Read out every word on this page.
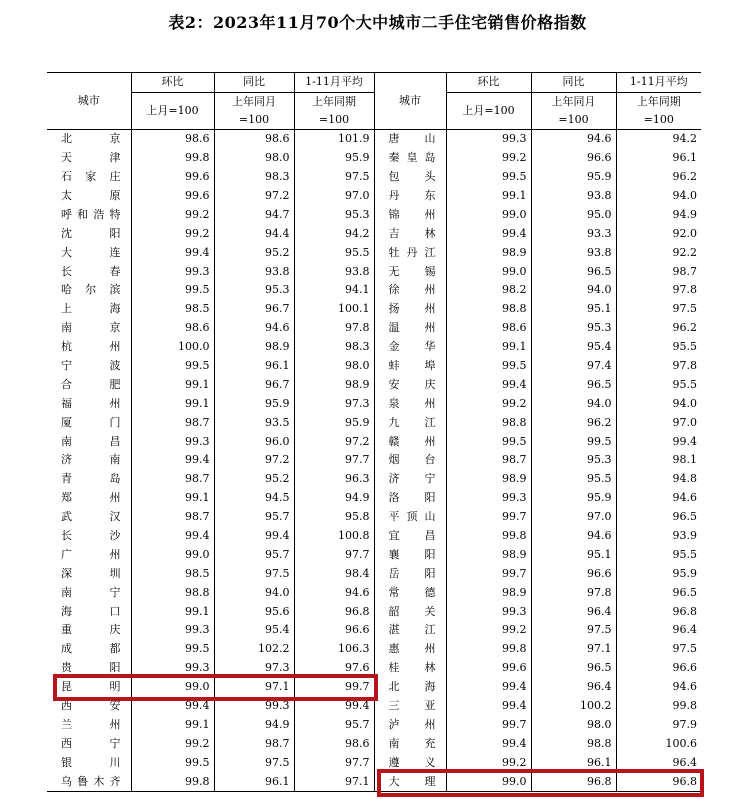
表2：2023年11月70个大中城市二手住宅销售价格指数
城市	环比	同比	1-11月平均	城市	环比	同比	1-11月平均
	上月=100	上年同月
=100	上年同期
=100		上月=100	上年同月
=100	上年同期
=100
北京	98.6	98.6	101.9	唐山	99.3	94.6	94.2
天津	99.8	98.0	95.9	秦皇岛	99.2	96.6	96.1
石家庄	99.6	98.3	97.5	包头	99.5	95.9	96.2
太原	99.6	97.2	97.0	丹东	99.1	93.8	94.0
呼和浩特	99.2	94.7	95.3	锦州	99.0	95.0	94.9
沈阳	99.2	94.4	94.2	吉林	99.4	93.3	92.0
大连	99.4	95.2	95.5	牡丹江	98.9	93.8	92.2
长春	99.3	93.8	93.8	无锡	99.0	96.5	98.7
哈尔滨	99.5	95.3	94.1	徐州	98.2	94.0	97.8
上海	98.5	96.7	100.1	扬州	98.8	95.1	97.5
南京	98.6	94.6	97.8	温州	98.6	95.3	96.2
杭州	100.0	98.9	98.3	金华	99.1	95.4	95.5
宁波	99.5	96.1	98.0	蚌埠	99.5	97.4	97.8
合肥	99.1	96.7	98.9	安庆	99.4	96.5	95.5
福州	99.1	95.9	97.3	泉州	99.2	94.0	94.0
厦门	98.7	93.5	95.9	九江	98.8	96.2	97.0
南昌	99.3	96.0	97.2	赣州	99.5	99.5	99.4
济南	99.4	97.2	97.7	烟台	98.7	95.3	98.1
青岛	98.7	95.2	96.3	济宁	98.9	95.5	94.8
郑州	99.1	94.5	94.9	洛阳	99.3	95.9	94.6
武汉	98.7	95.7	95.8	平顶山	99.7	97.0	96.5
长沙	99.4	99.4	100.8	宜昌	99.8	94.6	93.9
广州	99.0	95.7	97.7	襄阳	98.9	95.1	95.5
深圳	98.5	97.5	98.4	岳阳	99.7	96.6	95.9
南宁	98.8	94.0	94.6	常德	98.9	97.8	96.5
海口	99.1	95.6	96.8	韶关	99.3	96.4	96.8
重庆	99.3	95.4	96.6	湛江	99.2	97.5	96.4
成都	99.5	102.2	106.3	惠州	99.8	97.1	97.5
贵阳	99.3	97.3	97.6	桂林	99.6	96.5	96.6
昆明	99.0	97.1	99.7	北海	99.4	96.4	94.6
西安	99.4	99.3	99.4	三亚	99.4	100.2	99.8
兰州	99.1	94.9	95.7	泸州	99.7	98.0	97.9
西宁	99.2	98.7	98.6	南充	99.4	98.8	100.6
银川	99.5	97.5	97.7	遵义	99.2	96.1	96.4
乌鲁木齐	99.8	96.1	97.1	大理	99.0	96.8	96.8
